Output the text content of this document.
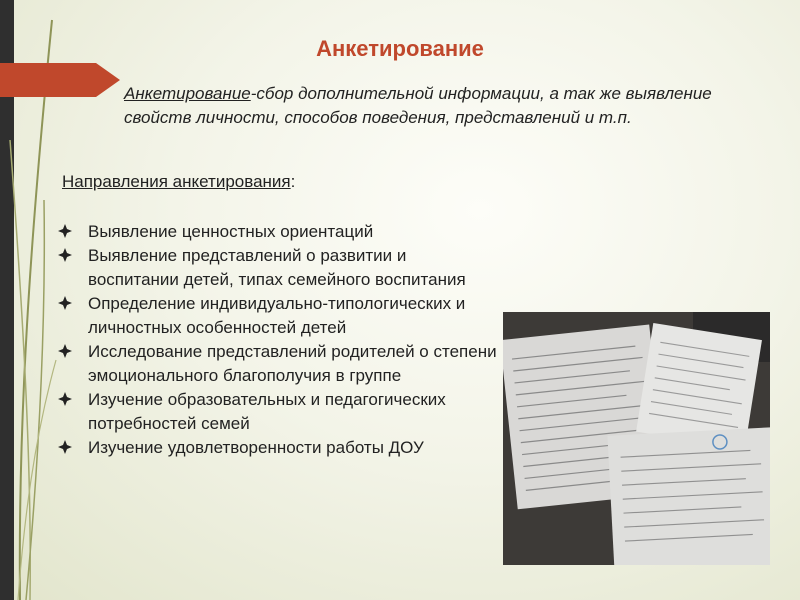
Анкетирование
Анкетирование-сбор дополнительной информации, а так же выявление свойств личности, способов поведения, представлений и т.п.
Направления анкетирования:
Выявление ценностных ориентаций
Выявление представлений о развитии и воспитании детей, типах семейного воспитания
Определение индивидуально-типологических и личностных особенностей детей
Исследование представлений родителей о степени эмоционального благополучия в группе
Изучение образовательных и педагогических потребностей семей
Изучение удовлетворенности работы ДОУ
